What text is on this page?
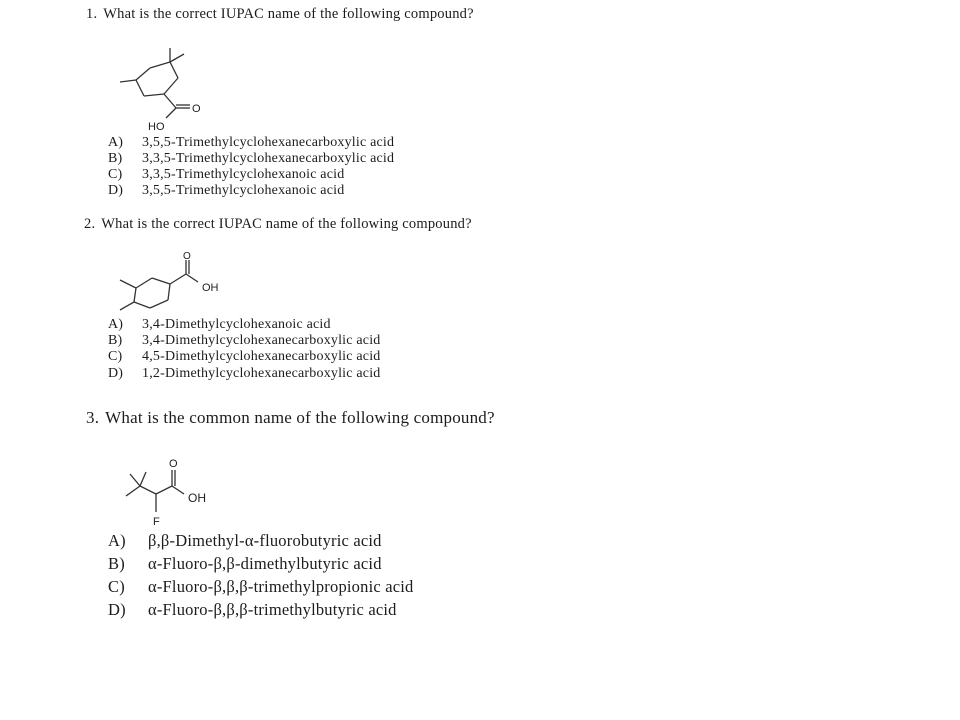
1. What is the correct IUPAC name of the following compound?
O
HO
A) 3,5,5-Trimethylcyclohexanecarboxylic acid
B) 3,3,5-Trimethylcyclohexanecarboxylic acid
C) 3,3,5-Trimethylcyclohexanoic acid
D) 3,5,5-Trimethylcyclohexanoic acid
2. What is the correct IUPAC name of the following compound?
O
OH
A) 3,4-Dimethylcyclohexanoic acid
B) 3,4-Dimethylcyclohexanecarboxylic acid
C) 4,5-Dimethylcyclohexanecarboxylic acid
D) 1,2-Dimethylcyclohexanecarboxylic acid
3. What is the common name of the following compound?
O
OH
F
A) β,β-Dimethyl-α-fluorobutyric acid
B) α-Fluoro-β,β-dimethylbutyric acid
C) α-Fluoro-β,β,β-trimethylpropionic acid
D) α-Fluoro-β,β,β-trimethylbutyric acid
